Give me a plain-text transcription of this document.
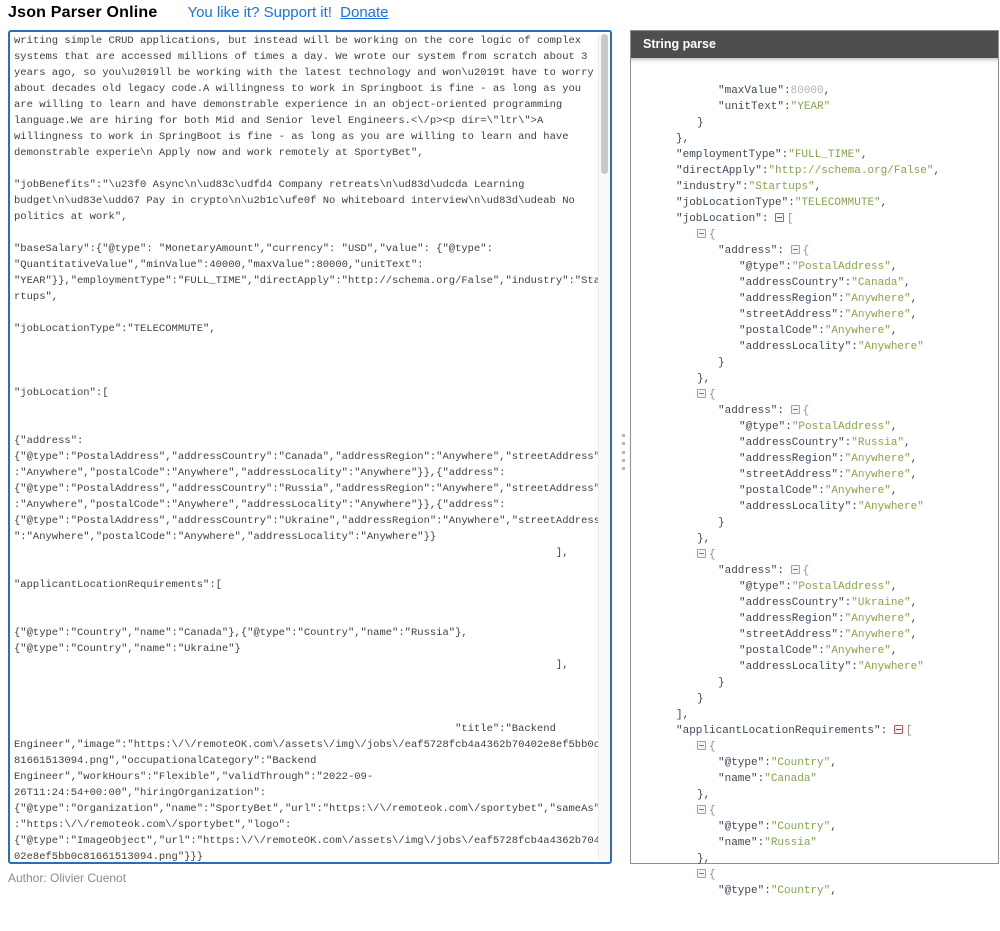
Json Parser Online You like it? Support it! Donate
writing simple CRUD applications, but instead will be working on the core logic of complex systems that are accessed millions of times a day. We wrote our system from scratch about 3 years ago, so you\u2019ll be working with the latest technology and won\u2019t have to worry about decades old legacy code.A willingness to work in Springboot is fine - as long as you are willing to learn and have demonstrable experience in an object-oriented programming language.We are hiring for both Mid and Senior level Engineers.<\/p><p dir=\"ltr\">A willingness to work in SpringBoot is fine - as long as you are willing to learn and have demonstrable experie\n Apply now and work remotely at SportyBet", "jobBenefits":"\u23f0 Async\n\ud83c\udfd4 Company retreats\n\ud83d\udcda Learning budget\n\ud83e\udd67 Pay in crypto\n\u2b1c\ufe0f No whiteboard interview\n\ud83d\udeab No politics at work", "baseSalary":{"@type": "MonetaryAmount","currency": "USD","value": {"@type": "QuantitativeValue","minValue":40000,"maxValue":80000,"unitText": "YEAR"}},"employmentType":"FULL_TIME","directApply":"http://schema.org/False","industry":"Sta rtups", "jobLocationType":"TELECOMMUTE", "jobLocation":[ {"address": {"@type":"PostalAddress","addressCountry":"Canada","addressRegion":"Anywhere","streetAddress" :"Anywhere","postalCode":"Anywhere","addressLocality":"Anywhere"}},{"address": {"@type":"PostalAddress","addressCountry":"Russia","addressRegion":"Anywhere","streetAddress" :"Anywhere","postalCode":"Anywhere","addressLocality":"Anywhere"}},{"address": {"@type":"PostalAddress","addressCountry":"Ukraine","addressRegion":"Anywhere","streetAddress ":"Anywhere","postalCode":"Anywhere","addressLocality":"Anywhere"}} ], "applicantLocationRequirements":[ {"@type":"Country","name":"Canada"},{"@type":"Country","name":"Russia"}, {"@type":"Country","name":"Ukraine"} ], "title":"Backend Engineer","image":"https:\/\/remoteOK.com\/assets\/img\/jobs\/eaf5728fcb4a4362b70402e8ef5bb0c 81661513094.png","occupationalCategory":"Backend Engineer","workHours":"Flexible","validThrough":"2022-09- 26T11:24:54+00:00","hiringOrganization": {"@type":"Organization","name":"SportyBet","url":"https:\/\/remoteok.com\/sportybet","sameAs" :"https:\/\/remoteok.com\/sportybet","logo": {"@type":"ImageObject","url":"https:\/\/remoteOK.com\/assets\/img\/jobs\/eaf5728fcb4a4362b704 02e8ef5bb0c81661513094.png"}}}
String parse

"maxValue":80000,
"unitText":"YEAR"
}
},
"employmentType":"FULL_TIME",
"directApply":"http://schema.org/False",
"industry":"Startups",
"jobLocationType":"TELECOMMUTE",
"jobLocation": [
{
"address": {
"@type":"PostalAddress",
"addressCountry":"Canada",
"addressRegion":"Anywhere",
"streetAddress":"Anywhere",
"postalCode":"Anywhere",
"addressLocality":"Anywhere"
}
},
{
"address": {
"@type":"PostalAddress",
"addressCountry":"Russia",
"addressRegion":"Anywhere",
"streetAddress":"Anywhere",
"postalCode":"Anywhere",
"addressLocality":"Anywhere"
}
},
{
"address": {
"@type":"PostalAddress",
"addressCountry":"Ukraine",
"addressRegion":"Anywhere",
"streetAddress":"Anywhere",
"postalCode":"Anywhere",
"addressLocality":"Anywhere"
}
}
],
"applicantLocationRequirements": [
{
"@type":"Country",
"name":"Canada"
},
{
"@type":"Country",
"name":"Russia"
},
{
"@type":"Country",

Author: Olivier Cuenot
